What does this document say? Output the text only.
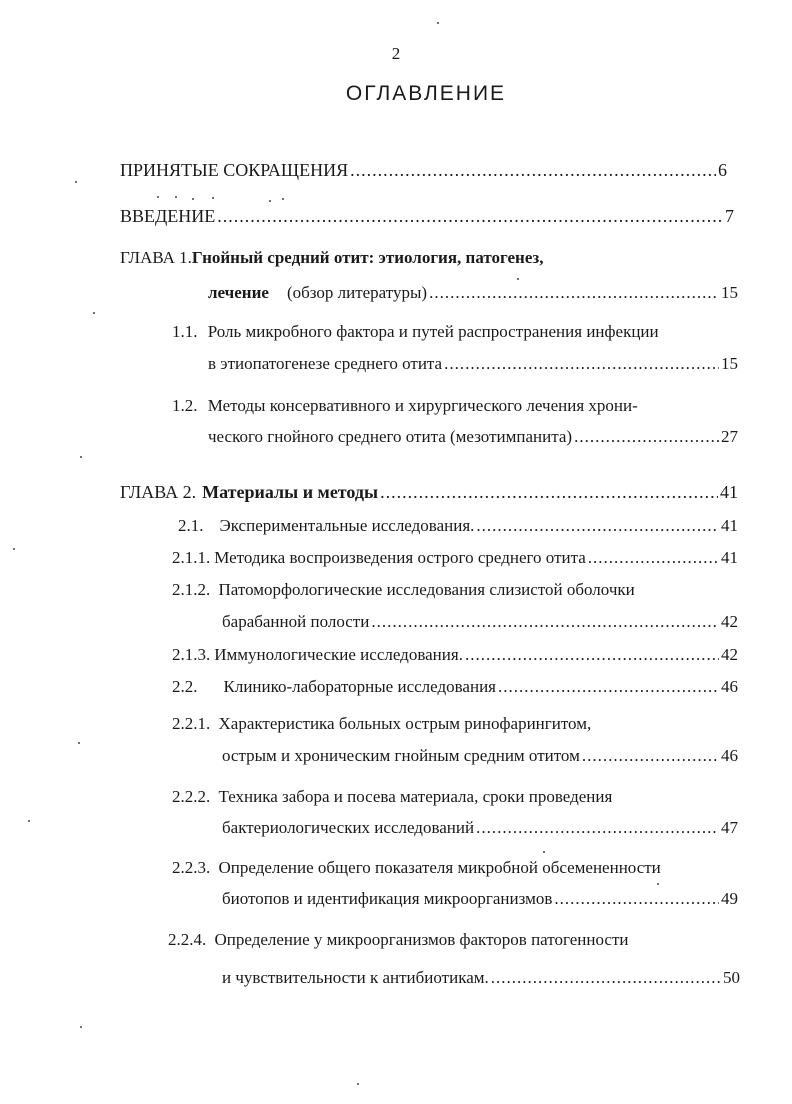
2
ОГЛАВЛЕНИЕ
ПРИНЯТЫЕ СОКРАЩЕНИЯ .....	6
ВВЕДЕНИЕ .....	7
ГЛАВА 1.Гнойный средний отит: этиология, патогенез,
лечение (обзор литературы) .....	15
1.1. Роль микробного фактора и путей распространения инфекции
в этиопатогенезе среднего отита .....	15
1.2. Методы консервативного и хирургического лечения хрони-
ческого гнойного среднего отита (мезотимпанита) .....	27
ГЛАВА 2. Материалы и методы .....	41
2.1. Экспериментальные исследования. .....	41
2.1.1. Методика воспроизведения острого среднего отита .....	41
2.1.2. Патоморфологические исследования слизистой оболочки
барабанной полости .....	42
2.1.3. Иммунологические исследования. .....	42
2.2. Клинико-лабораторные исследования .....	46
2.2.1. Характеристика больных острым ринофарингитом,
острым и хроническим гнойным средним отитом .....	46
2.2.2. Техника забора и посева материала, сроки проведения
бактериологических исследований .....	47
2.2.3. Определение общего показателя микробной обсемененности
биотопов и идентификация микроорганизмов .....	49
2.2.4. Определение у микроорганизмов факторов патогенности
и чувствительности к антибиотикам. .....	50
